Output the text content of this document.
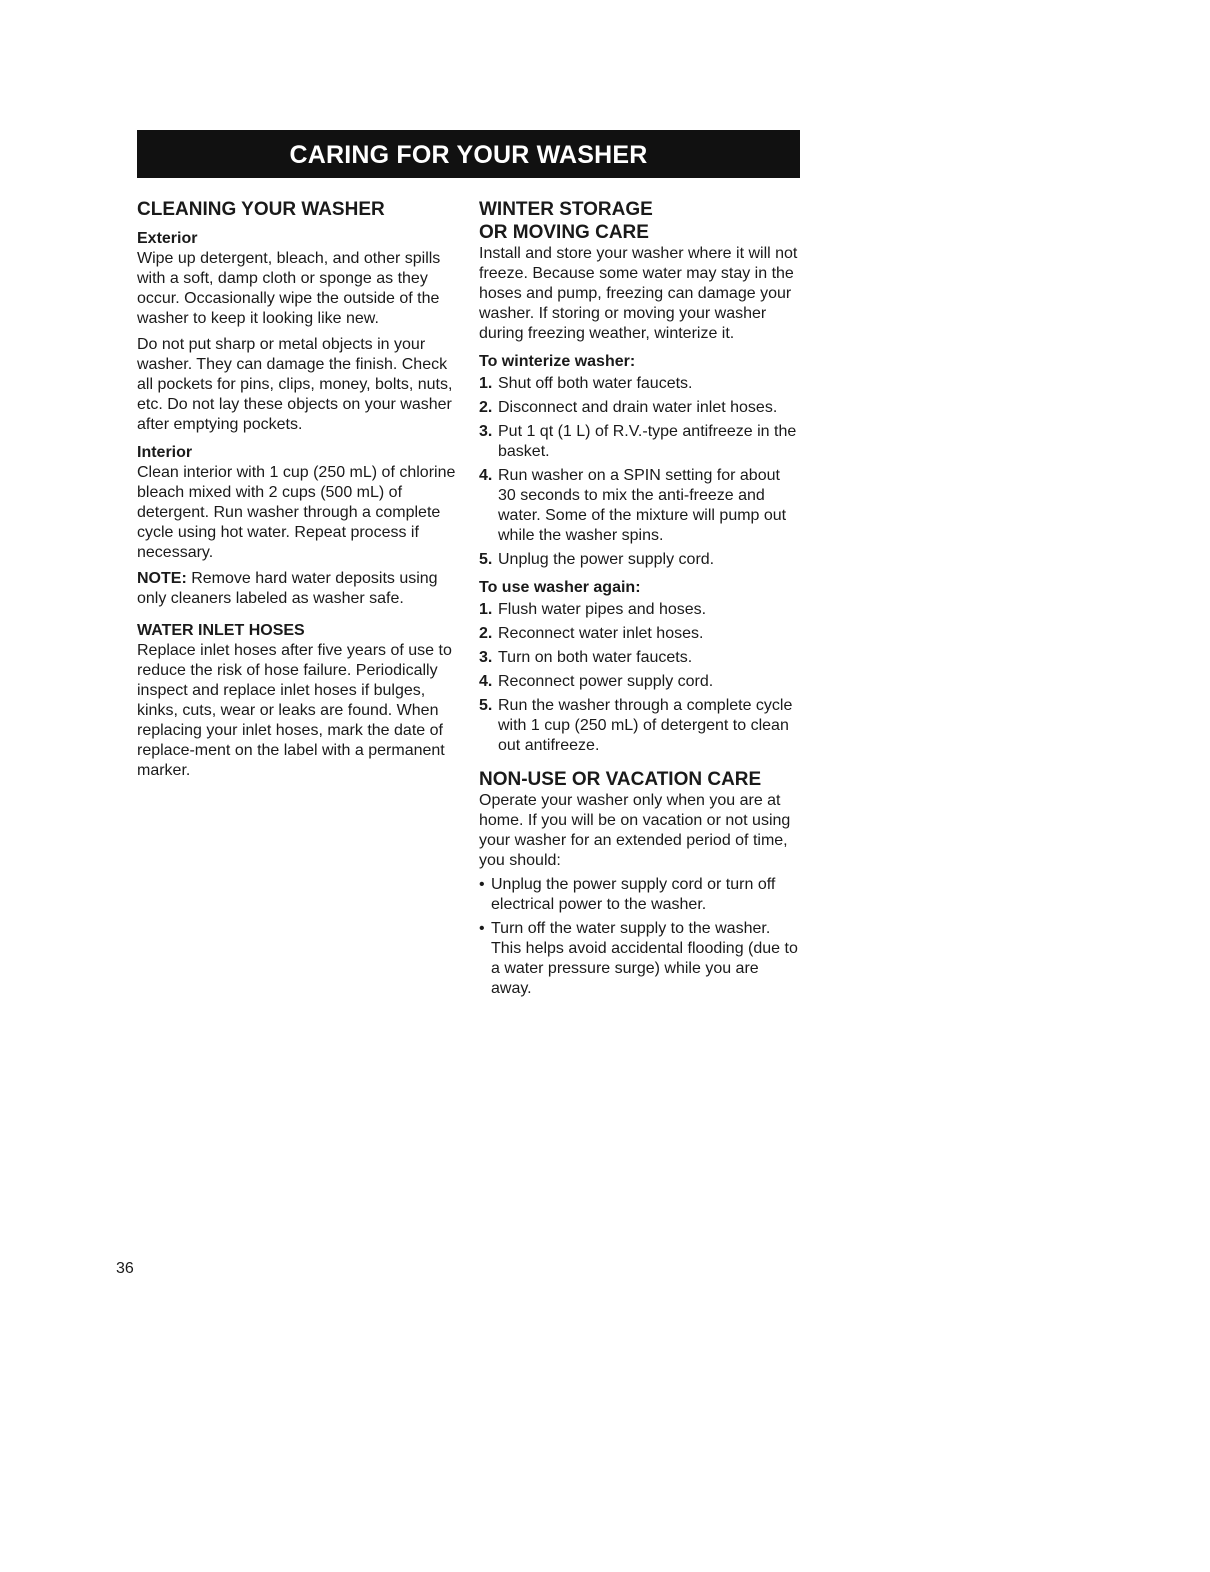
CARING FOR YOUR WASHER
CLEANING YOUR WASHER
Exterior

Wipe up detergent, bleach, and other spills with a soft, damp cloth or sponge as they occur. Occasionally wipe the outside of the washer to keep it looking like new.

Do not put sharp or metal objects in your washer. They can damage the finish. Check all pockets for pins, clips, money, bolts, nuts, etc. Do not lay these objects on your washer after emptying pockets.

Interior

Clean interior with 1 cup (250 mL) of chlorine bleach mixed with 2 cups (500 mL) of detergent. Run washer through a complete cycle using hot water. Repeat process if necessary.

NOTE: Remove hard water deposits using only cleaners labeled as washer safe.

WATER INLET HOSES

Replace inlet hoses after five years of use to reduce the risk of hose failure. Periodically inspect and replace inlet hoses if bulges, kinks, cuts, wear or leaks are found. When replacing your inlet hoses, mark the date of replace-ment on the label with a permanent marker.

WINTER STORAGE
OR MOVING CARE

Install and store your washer where it will not freeze. Because some water may stay in the hoses and pump, freezing can damage your washer. If storing or moving your washer during freezing weather, winterize it.

To winterize washer:
1. Shut off both water faucets.
2. Disconnect and drain water inlet hoses.
3. Put 1 qt (1 L) of R.V.-type antifreeze in the basket.
4. Run washer on a SPIN setting for about 30 seconds to mix the anti-freeze and water. Some of the mixture will pump out while the washer spins.
5. Unplug the power supply cord.
To use washer again:
1. Flush water pipes and hoses.
2. Reconnect water inlet hoses.
3. Turn on both water faucets.
4. Reconnect power supply cord.
5. Run the washer through a complete cycle with 1 cup (250 mL) of detergent to clean out antifreeze.
NON-USE OR VACATION CARE

Operate your washer only when you are at home. If you will be on vacation or not using your washer for an extended period of time, you should:

• Unplug the power supply cord or turn off electrical power to the washer.
• Turn off the water supply to the washer. This helps avoid accidental flooding (due to a water pressure surge) while you are away.
36
